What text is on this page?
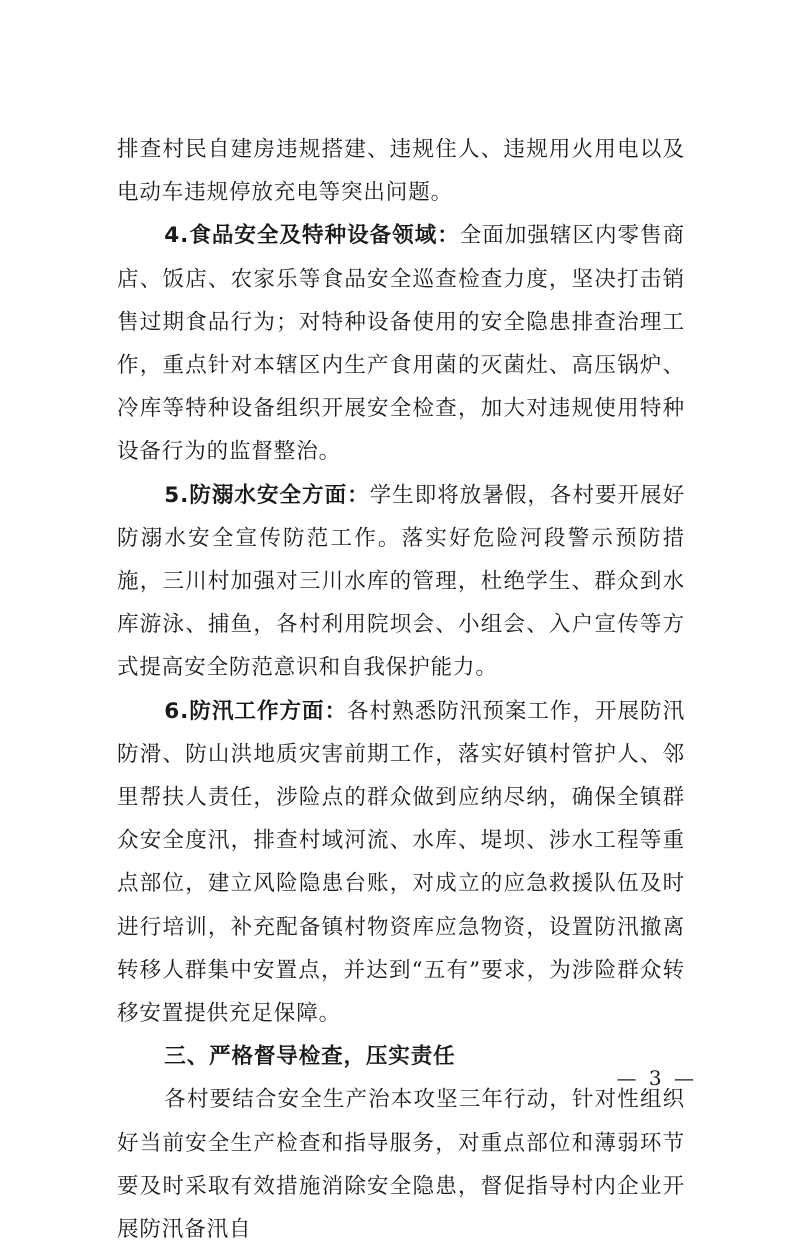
排查村民自建房违规搭建、违规住人、违规用火用电以及电动车违规停放充电等突出问题。

4.食品安全及特种设备领域：全面加强辖区内零售商店、饭店、农家乐等食品安全巡查检查力度，坚决打击销售过期食品行为；对特种设备使用的安全隐患排查治理工作，重点针对本辖区内生产食用菌的灭菌灶、高压锅炉、冷库等特种设备组织开展安全检查，加大对违规使用特种设备行为的监督整治。

5.防溺水安全方面：学生即将放暑假，各村要开展好防溺水安全宣传防范工作。落实好危险河段警示预防措施，三川村加强对三川水库的管理，杜绝学生、群众到水库游泳、捕鱼，各村利用院坝会、小组会、入户宣传等方式提高安全防范意识和自我保护能力。

6.防汛工作方面：各村熟悉防汛预案工作，开展防汛防滑、防山洪地质灾害前期工作，落实好镇村管护人、邻里帮扶人责任，涉险点的群众做到应纳尽纳，确保全镇群众安全度汛，排查村域河流、水库、堤坝、涉水工程等重点部位，建立风险隐患台账，对成立的应急救援队伍及时进行培训，补充配备镇村物资库应急物资，设置防汛撤离转移人群集中安置点，并达到“五有”要求，为涉险群众转移安置提供充足保障。

三、严格督导检查，压实责任

各村要结合安全生产治本攻坚三年行动，针对性组织好当前安全生产检查和指导服务，对重点部位和薄弱环节要及时采取有效措施消除安全隐患，督促指导村内企业开展防汛备汛自

— 3 —
